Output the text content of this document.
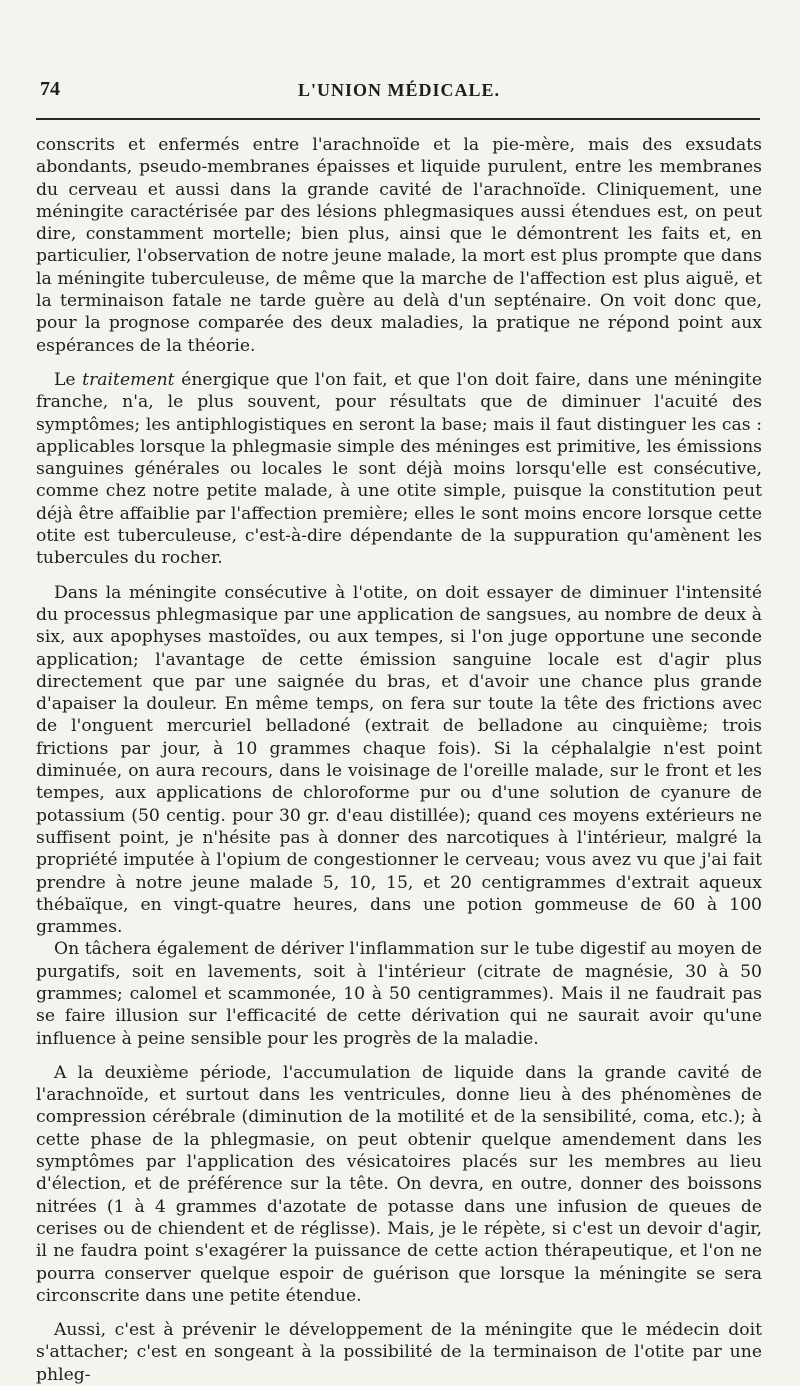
74	L'UNION MÉDICALE.

conscrits et enfermés entre l'arachnoïde et la pie-mère, mais des exsudats abondants, pseudo-membranes épaisses et liquide purulent, entre les membranes du cerveau et aussi dans la grande cavité de l'arachnoïde. Cliniquement, une méningite caractérisée par des lésions phlegmasiques aussi étendues est, on peut dire, constamment mortelle; bien plus, ainsi que le démontrent les faits et, en particulier, l'observation de notre jeune malade, la mort est plus prompte que dans la méningite tuberculeuse, de même que la marche de l'affection est plus aiguë, et la terminaison fatale ne tarde guère au delà d'un septénaire. On voit donc que, pour la prognose comparée des deux maladies, la pratique ne répond point aux espérances de la théorie.

Le traitement énergique que l'on fait, et que l'on doit faire, dans une méningite franche, n'a, le plus souvent, pour résultats que de diminuer l'acuité des symptômes; les antiphlogistiques en seront la base; mais il faut distinguer les cas : applicables lorsque la phlegmasie simple des méninges est primitive, les émissions sanguines générales ou locales le sont déjà moins lorsqu'elle est consécutive, comme chez notre petite malade, à une otite simple, puisque la constitution peut déjà être affaiblie par l'affection première; elles le sont moins encore lorsque cette otite est tuberculeuse, c'est-à-dire dépendante de la suppuration qu'amènent les tubercules du rocher.

Dans la méningite consécutive à l'otite, on doit essayer de diminuer l'intensité du processus phlegmasique par une application de sangsues, au nombre de deux à six, aux apophyses mastoïdes, ou aux tempes, si l'on juge opportune une seconde application; l'avantage de cette émission sanguine locale est d'agir plus directement que par une saignée du bras, et d'avoir une chance plus grande d'apaiser la douleur. En même temps, on fera sur toute la tête des frictions avec de l'onguent mercuriel belladoné (extrait de belladone au cinquième; trois frictions par jour, à 10 grammes chaque fois). Si la céphalalgie n'est point diminuée, on aura recours, dans le voisinage de l'oreille malade, sur le front et les tempes, aux applications de chloroforme pur ou d'une solution de cyanure de potassium (50 centig. pour 30 gr. d'eau distillée); quand ces moyens extérieurs ne suffisent point, je n'hésite pas à donner des narcotiques à l'intérieur, malgré la propriété imputée à l'opium de congestionner le cerveau; vous avez vu que j'ai fait prendre à notre jeune malade 5, 10, 15, et 20 centigrammes d'extrait aqueux thébaïque, en vingt-quatre heures, dans une potion gommeuse de 60 à 100 grammes.

On tâchera également de dériver l'inflammation sur le tube digestif au moyen de purgatifs, soit en lavements, soit à l'intérieur (citrate de magnésie, 30 à 50 grammes; calomel et scammonée, 10 à 50 centigrammes). Mais il ne faudrait pas se faire illusion sur l'efficacité de cette dérivation qui ne saurait avoir qu'une influence à peine sensible pour les progrès de la maladie.

A la deuxième période, l'accumulation de liquide dans la grande cavité de l'arachnoïde, et surtout dans les ventricules, donne lieu à des phénomènes de compression cérébrale (diminution de la motilité et de la sensibilité, coma, etc.); à cette phase de la phlegmasie, on peut obtenir quelque amendement dans les symptômes par l'application des vésicatoires placés sur les membres au lieu d'élection, et de préférence sur la tête. On devra, en outre, donner des boissons nitrées (1 à 4 grammes d'azotate de potasse dans une infusion de queues de cerises ou de chiendent et de réglisse). Mais, je le répète, si c'est un devoir d'agir, il ne faudra point s'exagérer la puissance de cette action thérapeutique, et l'on ne pourra conserver quelque espoir de guérison que lorsque la méningite se sera circonscrite dans une petite étendue.

Aussi, c'est à prévenir le développement de la méningite que le médecin doit s'attacher; c'est en songeant à la possibilité de la terminaison de l'otite par une phleg-
